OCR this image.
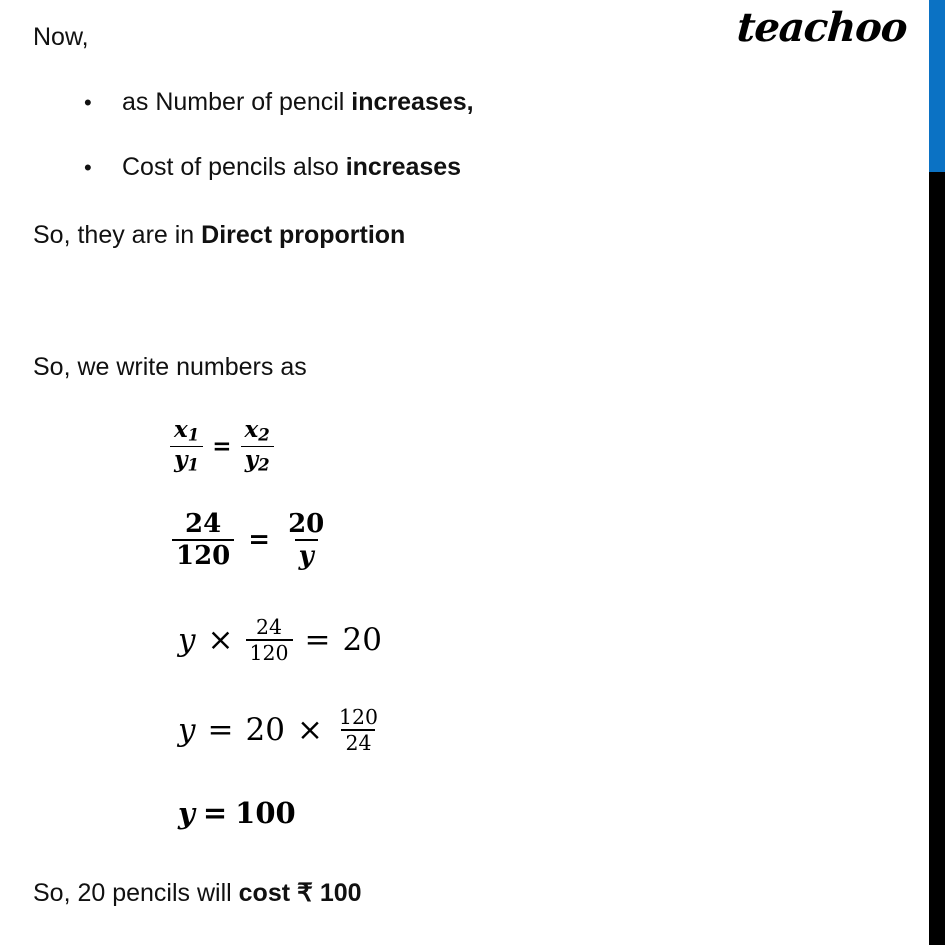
teachoo
Now,
•	as Number of pencil increases,
•	Cost of pencils also increases
So, they are in Direct proportion
So, we write numbers as
$\frac{x_1}{y_1} = \frac{x_2}{y_2}$
$\frac{24}{120} = \frac{20}{y}$
$y \times \frac{24}{120} = 20$
$y = 20 \times \frac{120}{24}$
y = 100
So, 20 pencils will cost ₹ 100
